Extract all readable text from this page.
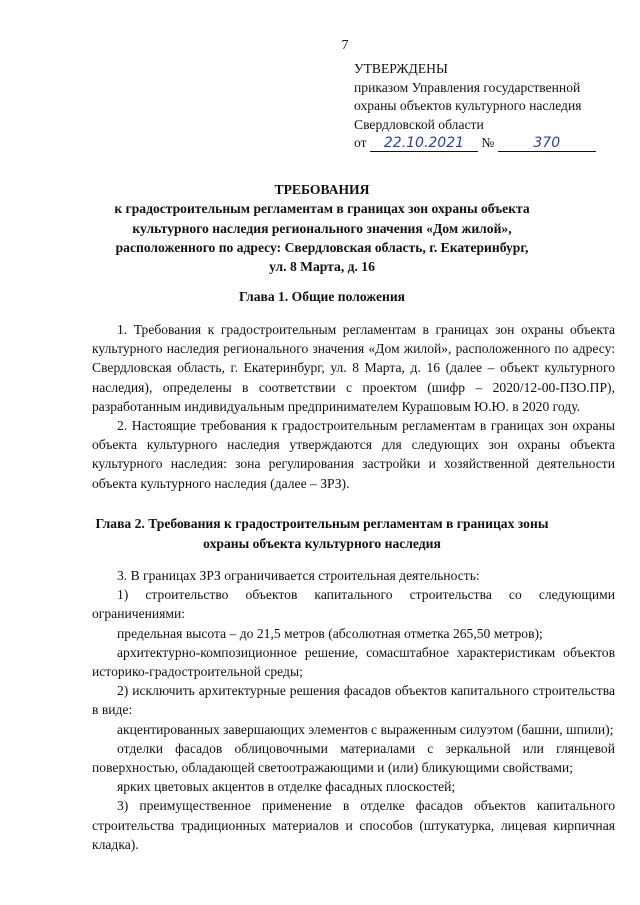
7
УТВЕРЖДЕНЫ
приказом Управления государственной
охраны объектов культурного наследия
Свердловской области
от 22.10.2021 №	370
ТРЕБОВАНИЯ
к градостроительным регламентам в границах зон охраны объекта
культурного наследия регионального значения «Дом жилой»,
расположенного по адресу: Свердловская область, г. Екатеринбург,
ул. 8 Марта, д. 16
Глава 1. Общие положения

1. Требования к градостроительным регламентам в границах зон охраны объекта культурного наследия регионального значения «Дом жилой», расположенного по адресу: Свердловская область, г. Екатеринбург, ул. 8 Марта, д. 16 (далее – объект культурного наследия), определены в соответствии с проектом (шифр – 2020/12-00-ПЗО.ПР), разработанным индивидуальным предпринимателем Курашовым Ю.Ю. в 2020 году.

2. Настоящие требования к градостроительным регламентам в границах зон охраны объекта культурного наследия утверждаются для следующих зон охраны объекта культурного наследия: зона регулирования застройки и хозяйственной деятельности объекта культурного наследия (далее – ЗРЗ).

Глава 2. Требования к градостроительным регламентам в границах зоны
охраны объекта культурного наследия

3. В границах ЗРЗ ограничивается строительная деятельность:

1) строительство объектов капитального строительства со следующими ограничениями:

предельная высота – до 21,5 метров (абсолютная отметка 265,50 метров);

архитектурно-композиционное решение, сомасштабное характеристикам объектов историко-градостроительной среды;

2) исключить архитектурные решения фасадов объектов капитального строительства в виде:

акцентированных завершающих элементов с выраженным силуэтом (башни, шпили);

отделки фасадов облицовочными материалами с зеркальной или глянцевой поверхностью, обладающей светоотражающими и (или) бликующими свойствами;

ярких цветовых акцентов в отделке фасадных плоскостей;

3) преимущественное применение в отделке фасадов объектов капитального строительства традиционных материалов и способов (штукатурка, лицевая кирпичная кладка).
